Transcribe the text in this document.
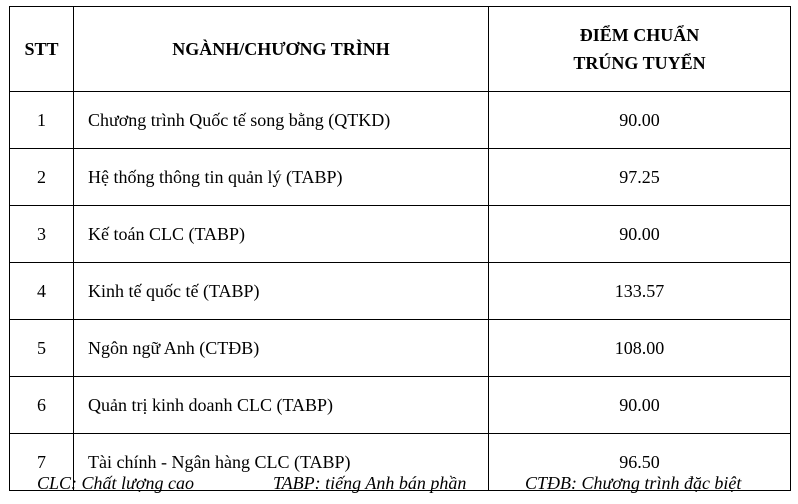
STT	NGÀNH/CHƯƠNG TRÌNH	ĐIỂM CHUẨN
TRÚNG TUYỂN

1	Chương trình Quốc tế song bằng (QTKD)	90.00
2	Hệ thống thông tin quản lý (TABP)	97.25
3	Kế toán CLC (TABP)	90.00
4	Kinh tế quốc tế (TABP)	133.57
5	Ngôn ngữ Anh (CTĐB)	108.00
6	Quản trị kinh doanh CLC (TABP)	90.00
7	Tài chính - Ngân hàng CLC (TABP)	96.50
CLC: Chất lượng cao	TABP: tiếng Anh bán phần	CTĐB: Chương trình đặc biệt
